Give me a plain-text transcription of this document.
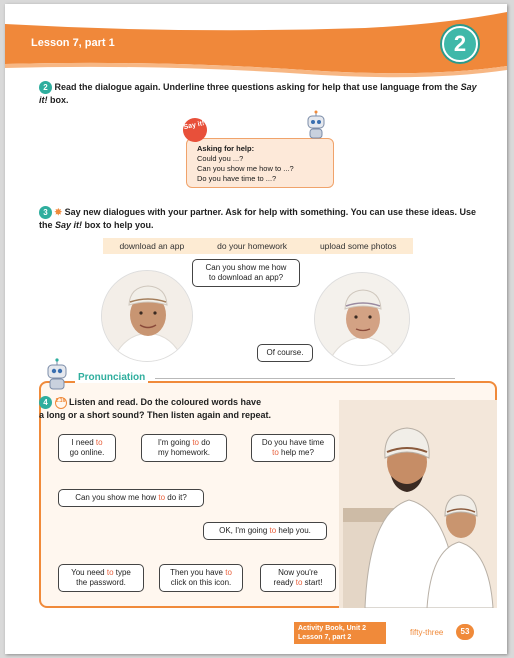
Lesson 7, part 1	2
2 Read the dialogue again. Underline three questions asking for help that use language from the Say it! box.
Asking for help:
Could you ...?
Can you show me how to ...?
Do you have time to ...?
Say it!
3 ✸ Say new dialogues with your partner. Ask for help with something. You can use these ideas. Use the Say it! box to help you.
download an app	do your homework	upload some photos
Can you show me how
to download an app?
Of course.
Pronunciation
4 2.16 Listen and read. Do the coloured words have
a long or a short sound? Then listen again and repeat.
I need to
go online.
I'm going to do
my homework.
Do you have time
to help me?
Can you show me how to do it?
OK, I'm going to help you.
You need to type
the password.
Then you have to
click on this icon.
Now you're
ready to start!
Activity Book, Unit 2
Lesson 7, part 2
fifty-three	53
